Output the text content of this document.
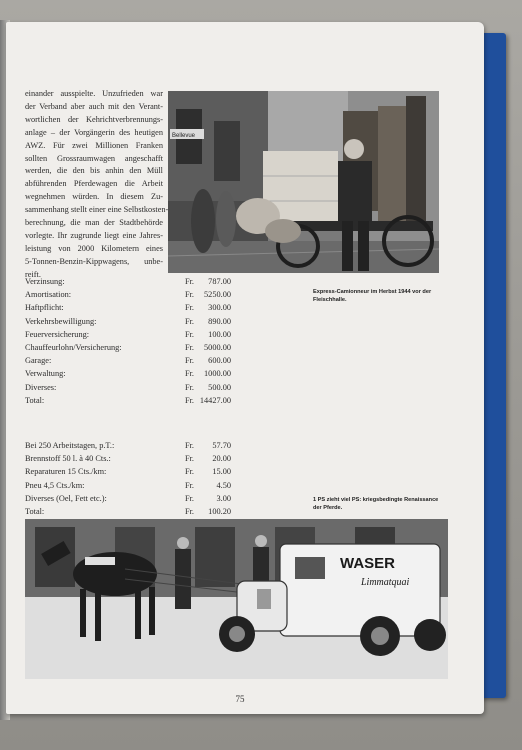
einander ausspielte. Unzufrieden war
der Verband aber auch mit den Verant-
wortlichen der Kehrichtverbrennungs-
anlage – der Vorgängerin des heutigen
AWZ. Für zwei Millionen Franken
sollten Grossraumwagen angeschafft
werden, die den bis anhin den Müll
abführenden Pferdewagen die Arbeit
wegnehmen würden. In diesem Zu-
sammenhang stellt einer eine Selbstkosten-
berechnung, die man der Stadtbehörde
vorlegte. Ihr zugrunde liegt eine Jahres-
leistung von 2000 Kilometern eines
5-Tonnen-Benzin-Kippwagens, unbe-
reift.
Bellevue
Express-Camionneur im Herbst 1944 vor der Fleischhalle.
Verzinsung:	Fr. 787.00
Amortisation:	Fr. 5250.00
Haftpflicht:	Fr. 300.00
Verkehrsbewilligung:	Fr. 890.00
Feuerversicherung:	Fr. 100.00
Chauffeurlohn/Versicherung:	Fr. 5000.00
Garage:	Fr. 600.00
Verwaltung:	Fr. 1000.00
Diverses:	Fr. 500.00
Total:	Fr. 14427.00
Bei 250 Arbeitstagen, p.T.:	Fr. 57.70
Brennstoff 50 l. à 40 Cts.:	Fr. 20.00
Reparaturen 15 Cts./km:	Fr. 15.00
Pneu 4,5 Cts./km:	Fr.	4.50
Diverses (Oel, Fett etc.):	Fr.	3.00
Total:	Fr. 100.20
1 PS zieht viel PS: kriegsbedingte Renaissance der Pferde.
WASER
Limmatquai
75
